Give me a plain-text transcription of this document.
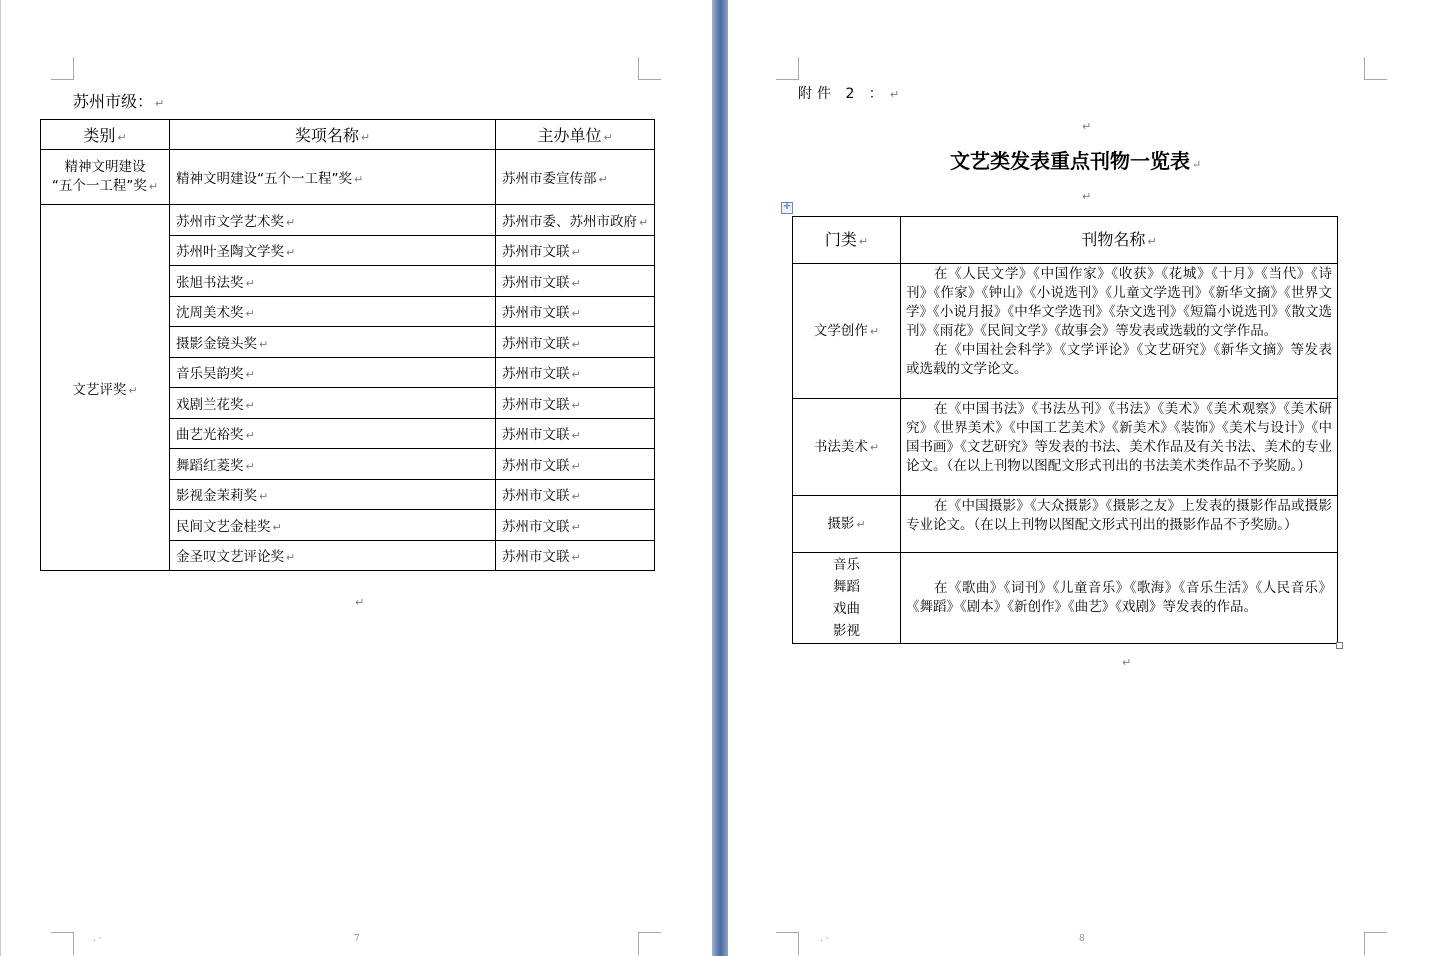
苏州市级： ↵
类别 ↵	奖项名称 ↵	主办单位 ↵

精神文明建设
“五个一工程”奖 ↵	精神文明建设“五个一工程”奖 ↵	苏州市委宣传部 ↵
文艺评奖 ↵	苏州市文学艺术奖 ↵	苏州市委、苏州市政府 ↵
	苏州叶圣陶文学奖 ↵	苏州市文联 ↵
	张旭书法奖 ↵	苏州市文联 ↵
	沈周美术奖 ↵	苏州市文联 ↵
	摄影金镜头奖 ↵	苏州市文联 ↵
	音乐吴韵奖 ↵	苏州市文联 ↵
	戏剧兰花奖 ↵	苏州市文联 ↵
	曲艺光裕奖 ↵	苏州市文联 ↵
	舞蹈红菱奖 ↵	苏州市文联 ↵
	影视金茉莉奖 ↵	苏州市文联 ↵
	民间文艺金桂奖 ↵	苏州市文联 ↵
	金圣叹文艺评论奖 ↵	苏州市文联 ↵
↵
. ·	7
附件 2 ： ↵
↵
文艺类发表重点刊物一览表 ↵
↵
✛
门类 ↵	刊物名称 ↵
文学创作 ↵	在《人民文学》《中国作家》《收获》《花城》《十月》《当代》《诗刊》《作家》《钟山》《小说选刊》《儿童文学选刊》《新华文摘》《世界文学》《小说月报》《中华文学选刊》《杂文选刊》《短篇小说选刊》《散文选刊》《雨花》《民间文学》《故事会》等发表或选载的文学作品。

在《中国社会科学》《文学评论》《文艺研究》《新华文摘》等发表或选载的文学论文。

书法美术 ↵	在《中国书法》《书法丛刊》《书法》《美术》《美术观察》《美术研究》《世界美术》《中国工艺美术》《新美术》《装饰》《美术与设计》《中国书画》《文艺研究》等发表的书法、美术作品及有关书法、美术的专业论文。（在以上刊物以图配文形式刊出的书法美术类作品不予奖励。）

摄影 ↵	在《中国摄影》《大众摄影》《摄影之友》上发表的摄影作品或摄影专业论文。（在以上刊物以图配文形式刊出的摄影作品不予奖励。）

音乐
舞蹈
戏曲
影视	在《歌曲》《词刊》《儿童音乐》《歌海》《音乐生活》《人民音乐》《舞蹈》《剧本》《新创作》《曲艺》《戏剧》等发表的作品。

↵
. ·	8
